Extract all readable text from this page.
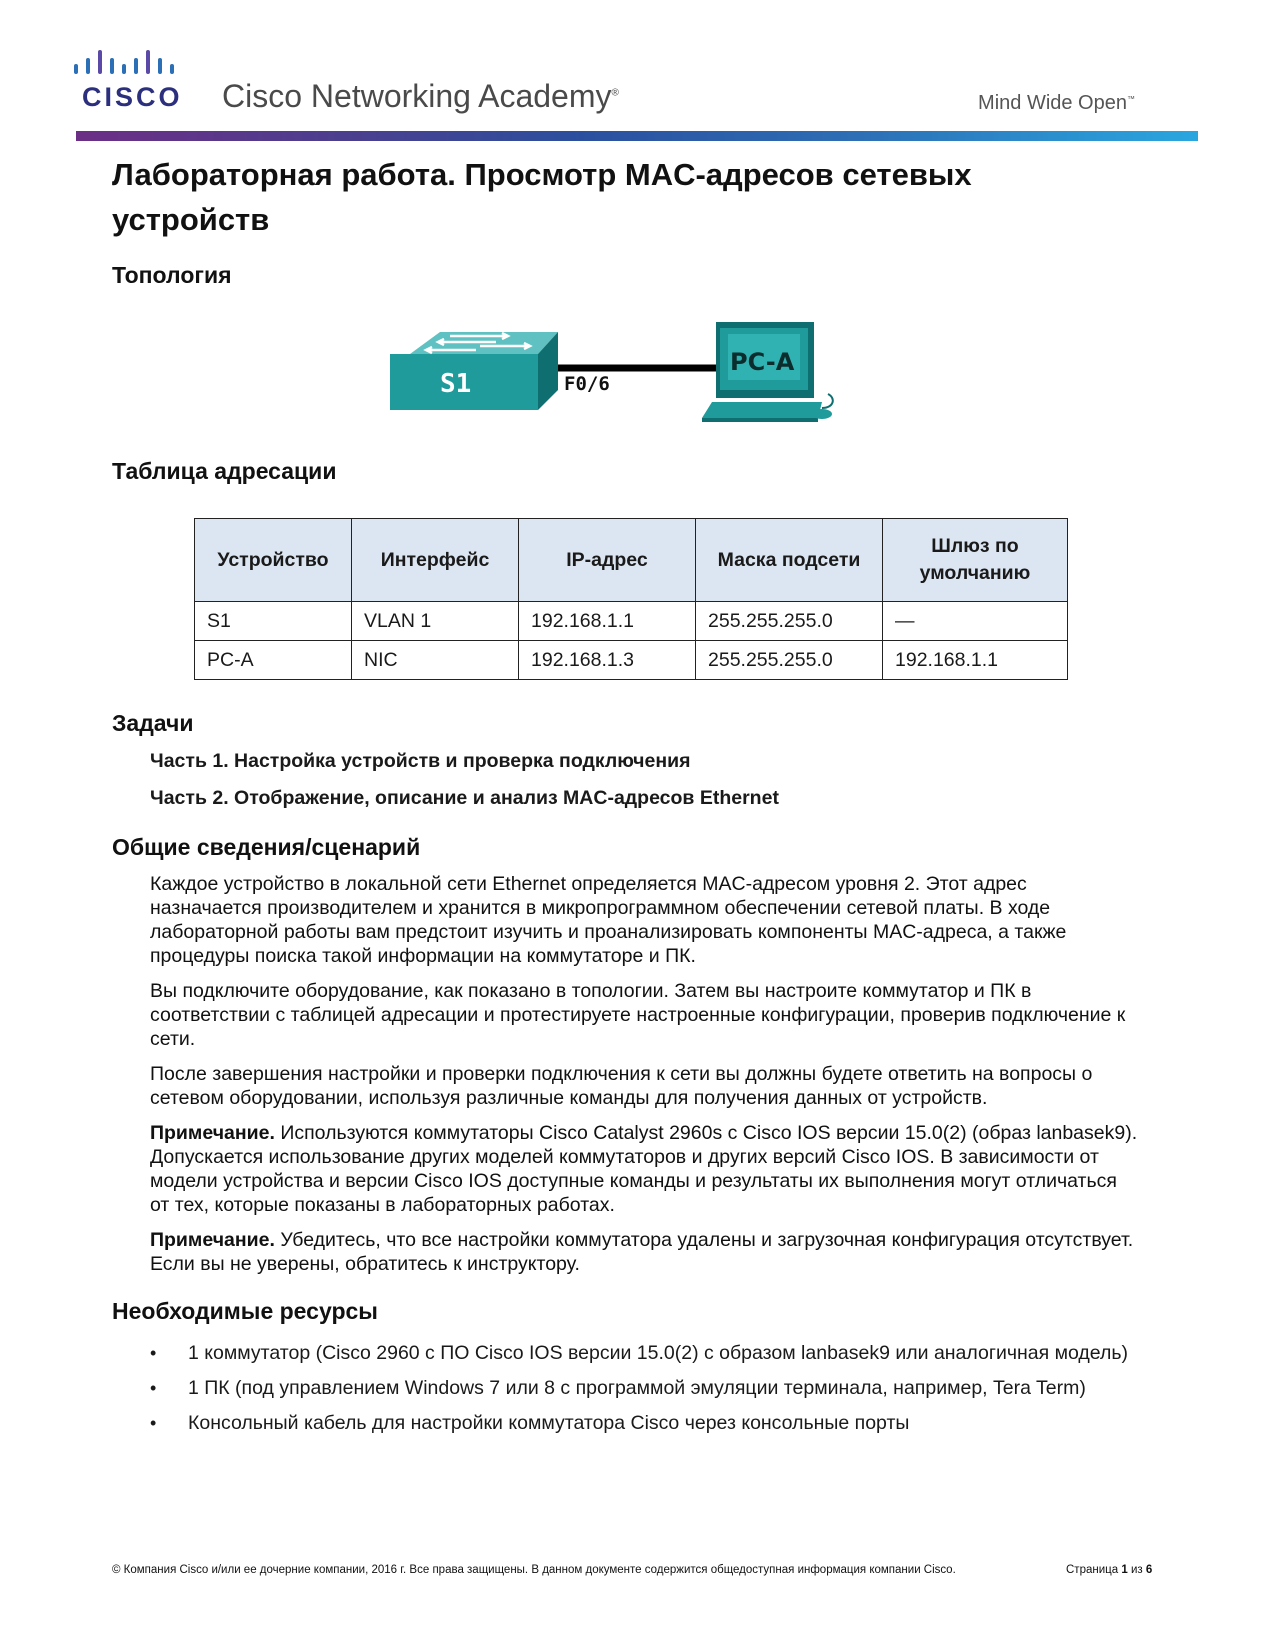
CISCO Cisco Networking Academy®	Mind Wide Open™
Лабораторная работа. Просмотр MAC-адресов сетевых устройств
Топология
S1	F0/6
PC-A
Таблица адресации
Устройство	Интерфейс	IP-адрес	Маска подсети	Шлюз по умолчанию
S1	VLAN 1	192.168.1.1	255.255.255.0	—
PC-A	NIC	192.168.1.3	255.255.255.0	192.168.1.1
Задачи
Часть 1. Настройка устройств и проверка подключения
Часть 2. Отображение, описание и анализ MAC-адресов Ethernet
Общие сведения/сценарий

Каждое устройство в локальной сети Ethernet определяется MAC-адресом уровня 2. Этот адрес назначается производителем и хранится в микропрограммном обеспечении сетевой платы. В ходе лабораторной работы вам предстоит изучить и проанализировать компоненты MAC-адреса, а также процедуры поиска такой информации на коммутаторе и ПК.

Вы подключите оборудование, как показано в топологии. Затем вы настроите коммутатор и ПК в соответствии с таблицей адресации и протестируете настроенные конфигурации, проверив подключение к сети.

После завершения настройки и проверки подключения к сети вы должны будете ответить на вопросы о сетевом оборудовании, используя различные команды для получения данных от устройств.

Примечание. Используются коммутаторы Cisco Catalyst 2960s с Cisco IOS версии 15.0(2) (образ lanbasek9). Допускается использование других моделей коммутаторов и других версий Cisco IOS. В зависимости от модели устройства и версии Cisco IOS доступные команды и результаты их выполнения могут отличаться от тех, которые показаны в лабораторных работах.

Примечание. Убедитесь, что все настройки коммутатора удалены и загрузочная конфигурация отсутствует. Если вы не уверены, обратитесь к инструктору.

Необходимые ресурсы
• 1 коммутатор (Cisco 2960 с ПО Cisco IOS версии 15.0(2) с образом lanbasek9 или аналогичная модель)
• 1 ПК (под управлением Windows 7 или 8 с программой эмуляции терминала, например, Tera Term)
• Консольный кабель для настройки коммутатора Cisco через консольные порты
© Компания Cisco и/или ее дочерние компании, 2016 г. Все права защищены. В данном документе содержится общедоступная информация компании Cisco.	Страница 1 из 6
